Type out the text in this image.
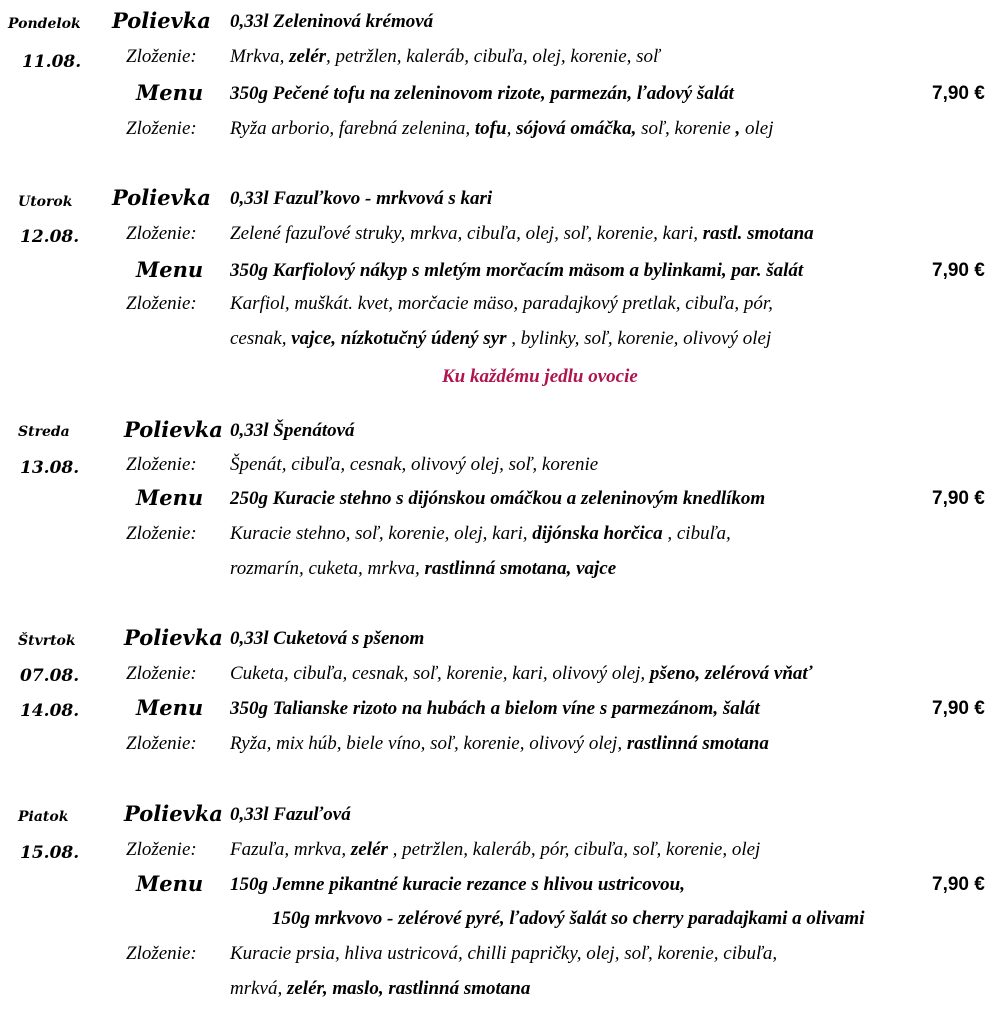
Pondelok
11.08.
Polievka 0,33l Zeleninová krémová
Zloženie: Mrkva, zelér, petržlen, kaleráb, cibuľa, olej, korenie, soľ
Menu 350g Pečené tofu na zeleninovom rizote, parmezán, ľadový šalát	7,90 €
Zloženie: Ryža arborio, farebná zelenina, tofu, sójová omáčka, soľ, korenie , olej
Utorok
12.08.
Polievka 0,33l Fazuľkovo - mrkvová s kari
Zloženie: Zelené fazuľové struky, mrkva, cibuľa, olej, soľ, korenie, kari, rastl. smotana
Menu 350g Karfiolový nákyp s mletým morčacím mäsom a bylinkami, par. šalát	7,90 €
Zloženie: Karfiol, muškát. kvet, morčacie mäso, paradajkový pretlak, cibuľa, pór,
cesnak, vajce, nízkotučný údený syr , bylinky, soľ, korenie, olivový olej
Ku každému jedlu ovocie
Streda
13.08.
Polievka 0,33l Špenátová
Zloženie: Špenát, cibuľa, cesnak, olivový olej, soľ, korenie
Menu 250g Kuracie stehno s dijónskou omáčkou a zeleninovým knedlíkom	7,90 €
Zloženie: Kuracie stehno, soľ, korenie, olej, kari, dijónska horčica , cibuľa,
rozmarín, cuketa, mrkva, rastlinná smotana, vajce
Štvrtok
07.08.
14.08.
Polievka 0,33l Cuketová s pšenom
Zloženie: Cuketa, cibuľa, cesnak, soľ, korenie, kari, olivový olej, pšeno, zelérová vňať
Menu 350g Talianske rizoto na hubách a bielom víne s parmezánom, šalát	7,90 €
Zloženie: Ryža, mix húb, biele víno, soľ, korenie, olivový olej, rastlinná smotana
Piatok
15.08.
Polievka 0,33l Fazuľová
Zloženie: Fazuľa, mrkva, zelér , petržlen, kaleráb, pór, cibuľa, soľ, korenie, olej
Menu 150g Jemne pikantné kuracie rezance s hlivou ustricovou,	7,90 €
150g mrkvovo - zelérové pyré, ľadový šalát so cherry paradajkami a olivami
Zloženie: Kuracie prsia, hliva ustricová, chilli papričky, olej, soľ, korenie, cibuľa,
mrkvá, zelér, maslo, rastlinná smotana
